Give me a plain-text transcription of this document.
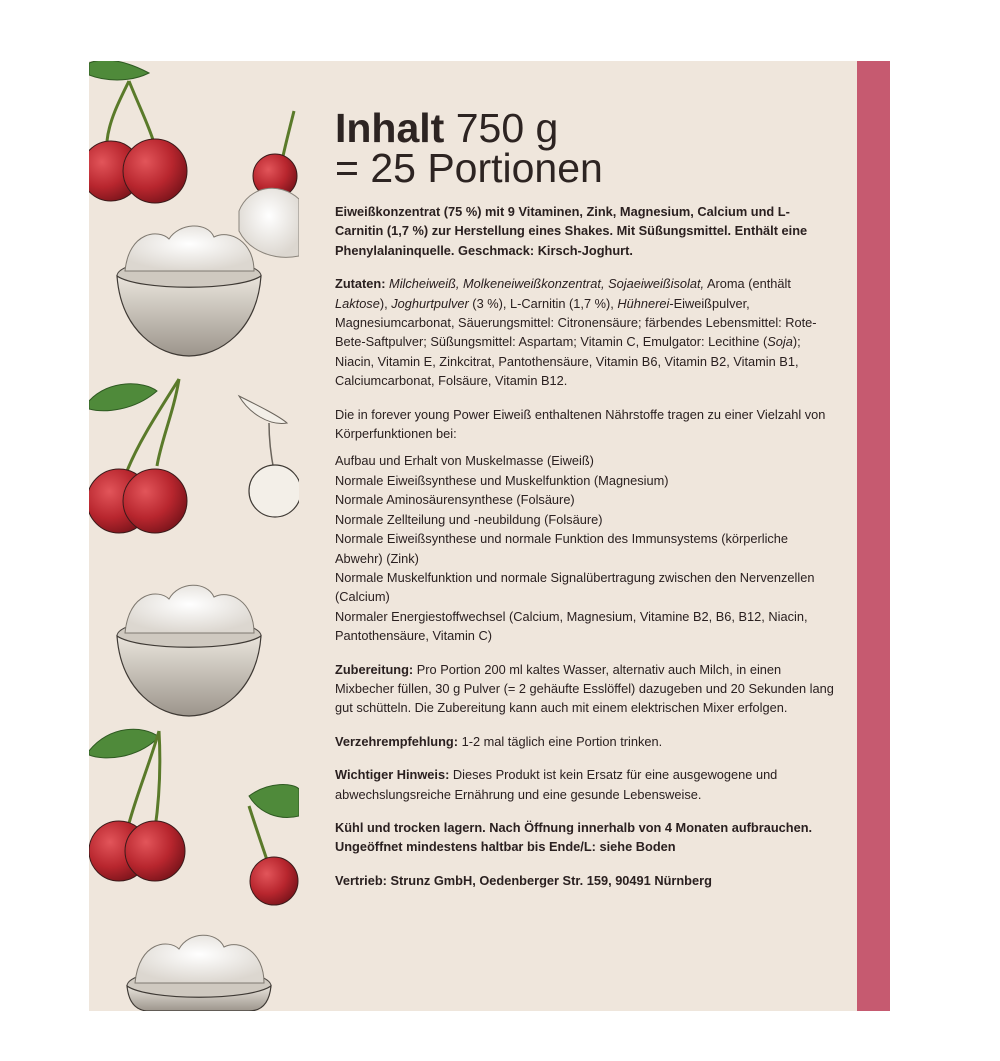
Inhalt 750 g
= 25 Portionen

Eiweißkonzentrat (75 %) mit 9 Vitaminen, Zink, Magnesium, Calcium und L-Carnitin (1,7 %) zur Herstellung eines Shakes. Mit Süßungsmittel. Enthält eine Phenylalaninquelle. Geschmack: Kirsch-Joghurt.

Zutaten: Milcheiweiß, Molkeneiweißkonzentrat, Sojaeiweißisolat, Aroma (enthält Laktose), Joghurtpulver (3 %), L-Carnitin (1,7 %), Hühnerei-Eiweißpulver, Magnesiumcarbonat, Säuerungsmittel: Citronensäure; färbendes Lebensmittel: Rote-Bete-Saftpulver; Süßungsmittel: Aspartam; Vitamin C, Emulgator: Lecithine (Soja); Niacin, Vitamin E, Zinkcitrat, Pantothensäure, Vitamin B6, Vitamin B2, Vitamin B1, Calciumcarbonat, Folsäure, Vitamin B12.

Die in forever young Power Eiweiß enthaltenen Nährstoffe tragen zu einer Vielzahl von Körperfunktionen bei:

Aufbau und Erhalt von Muskelmasse (Eiweiß)
Normale Eiweißsynthese und Muskelfunktion (Magnesium)
Normale Aminosäurensynthese (Folsäure)
Normale Zellteilung und -neubildung (Folsäure)
Normale Eiweißsynthese und normale Funktion des Immunsystems (körperliche Abwehr) (Zink)
Normale Muskelfunktion und normale Signalübertragung zwischen den Nervenzellen (Calcium)
Normaler Energiestoffwechsel (Calcium, Magnesium, Vitamine B2, B6, B12, Niacin, Pantothensäure, Vitamin C)

Zubereitung: Pro Portion 200 ml kaltes Wasser, alternativ auch Milch, in einen Mixbecher füllen, 30 g Pulver (= 2 gehäufte Esslöffel) dazugeben und 20 Sekunden lang gut schütteln. Die Zubereitung kann auch mit einem elektrischen Mixer erfolgen.

Verzehrempfehlung: 1-2 mal täglich eine Portion trinken.

Wichtiger Hinweis: Dieses Produkt ist kein Ersatz für eine ausgewogene und abwechslungsreiche Ernährung und eine gesunde Lebensweise.

Kühl und trocken lagern. Nach Öffnung innerhalb von 4 Monaten aufbrauchen. Ungeöffnet mindestens haltbar bis Ende/L: siehe Boden

Vertrieb: Strunz GmbH, Oedenberger Str. 159, 90491 Nürnberg
